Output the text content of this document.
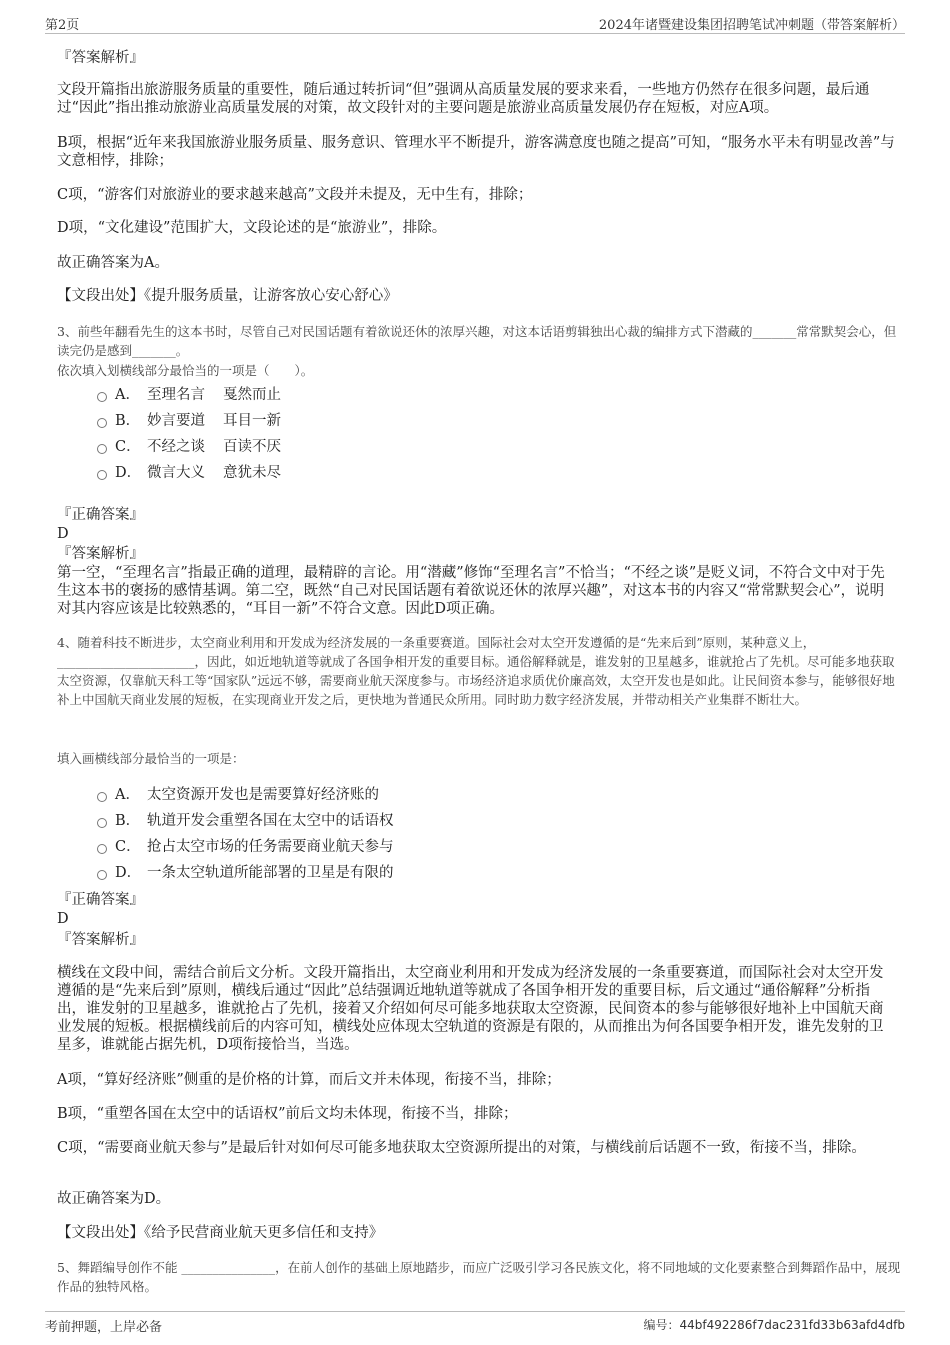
第2页	2024年诸暨建设集团招聘笔试冲刺题（带答案解析）
『答案解析』
文段开篇指出旅游服务质量的重要性，随后通过转折词“但”强调从高质量发展的要求来看，一些地方仍然存在很多问题，最后通过“因此”指出推动旅游业高质量发展的对策，故文段针对的主要问题是旅游业高质量发展仍存在短板，对应A项。
B项，根据“近年来我国旅游业服务质量、服务意识、管理水平不断提升，游客满意度也随之提高”可知，“服务水平未有明显改善”与文意相悖，排除；
C项，“游客们对旅游业的要求越来越高”文段并未提及，无中生有，排除；
D项，“文化建设”范围扩大，文段论述的是“旅游业”，排除。
故正确答案为A。
【文段出处】《提升服务质量，让游客放心安心舒心》
3、前些年翻看先生的这本书时，尽管自己对民国话题有着欲说还休的浓厚兴趣，对这本话语剪辑独出心裁的编排方式下潜藏的_______常常默契会心，但读完仍是感到_______。
依次填入划横线部分最恰当的一项是（　　）。
A． 至理名言	戛然而止
B． 妙言要道	耳目一新
C． 不经之谈	百读不厌
D． 微言大义	意犹未尽
『正确答案』
D
『答案解析』
第一空，“至理名言”指最正确的道理，最精辟的言论。用“潜藏”修饰“至理名言”不恰当；“不经之谈”是贬义词，不符合文中对于先生这本书的褒扬的感情基调。第二空，既然“自己对民国话题有着欲说还休的浓厚兴趣”，对这本书的内容又“常常默契会心”，说明对其内容应该是比较熟悉的，“耳目一新”不符合文意。因此D项正确。
4、随着科技不断进步，太空商业利用和开发成为经济发展的一条重要赛道。国际社会对太空开发遵循的是“先来后到”原则，某种意义上，______________________，因此，如近地轨道等就成了各国争相开发的重要目标。通俗解释就是，谁发射的卫星越多，谁就抢占了先机。尽可能多地获取太空资源，仅靠航天科工等“国家队”远远不够，需要商业航天深度参与。市场经济追求质优价廉高效，太空开发也是如此。让民间资本参与，能够很好地补上中国航天商业发展的短板，在实现商业开发之后，更快地为普通民众所用。同时助力数字经济发展，并带动相关产业集群不断壮大。
填入画横线部分最恰当的一项是：
A． 太空资源开发也是需要算好经济账的
B． 轨道开发会重塑各国在太空中的话语权
C． 抢占太空市场的任务需要商业航天参与
D． 一条太空轨道所能部署的卫星是有限的
『正确答案』
D
『答案解析』
横线在文段中间，需结合前后文分析。文段开篇指出，太空商业利用和开发成为经济发展的一条重要赛道，而国际社会对太空开发遵循的是“先来后到”原则，横线后通过“因此”总结强调近地轨道等就成了各国争相开发的重要目标，后文通过“通俗解释”分析指出，谁发射的卫星越多，谁就抢占了先机，接着又介绍如何尽可能多地获取太空资源，民间资本的参与能够很好地补上中国航天商业发展的短板。根据横线前后的内容可知，横线处应体现太空轨道的资源是有限的，从而推出为何各国要争相开发，谁先发射的卫星多，谁就能占据先机，D项衔接恰当，当选。
A项，“算好经济账”侧重的是价格的计算，而后文并未体现，衔接不当，排除；
B项，“重塑各国在太空中的话语权”前后文均未体现，衔接不当，排除；
C项，“需要商业航天参与”是最后针对如何尽可能多地获取太空资源所提出的对策，与横线前后话题不一致，衔接不当，排除。
故正确答案为D。
【文段出处】《给予民营商业航天更多信任和支持》
5、舞蹈编导创作不能 _______________，在前人创作的基础上原地踏步，而应广泛吸引学习各民族文化，将不同地域的文化要素整合到舞蹈作品中，展现作品的独特风格。
考前押题，上岸必备	编号：44bf492286f7dac231fd33b63afd4dfb
